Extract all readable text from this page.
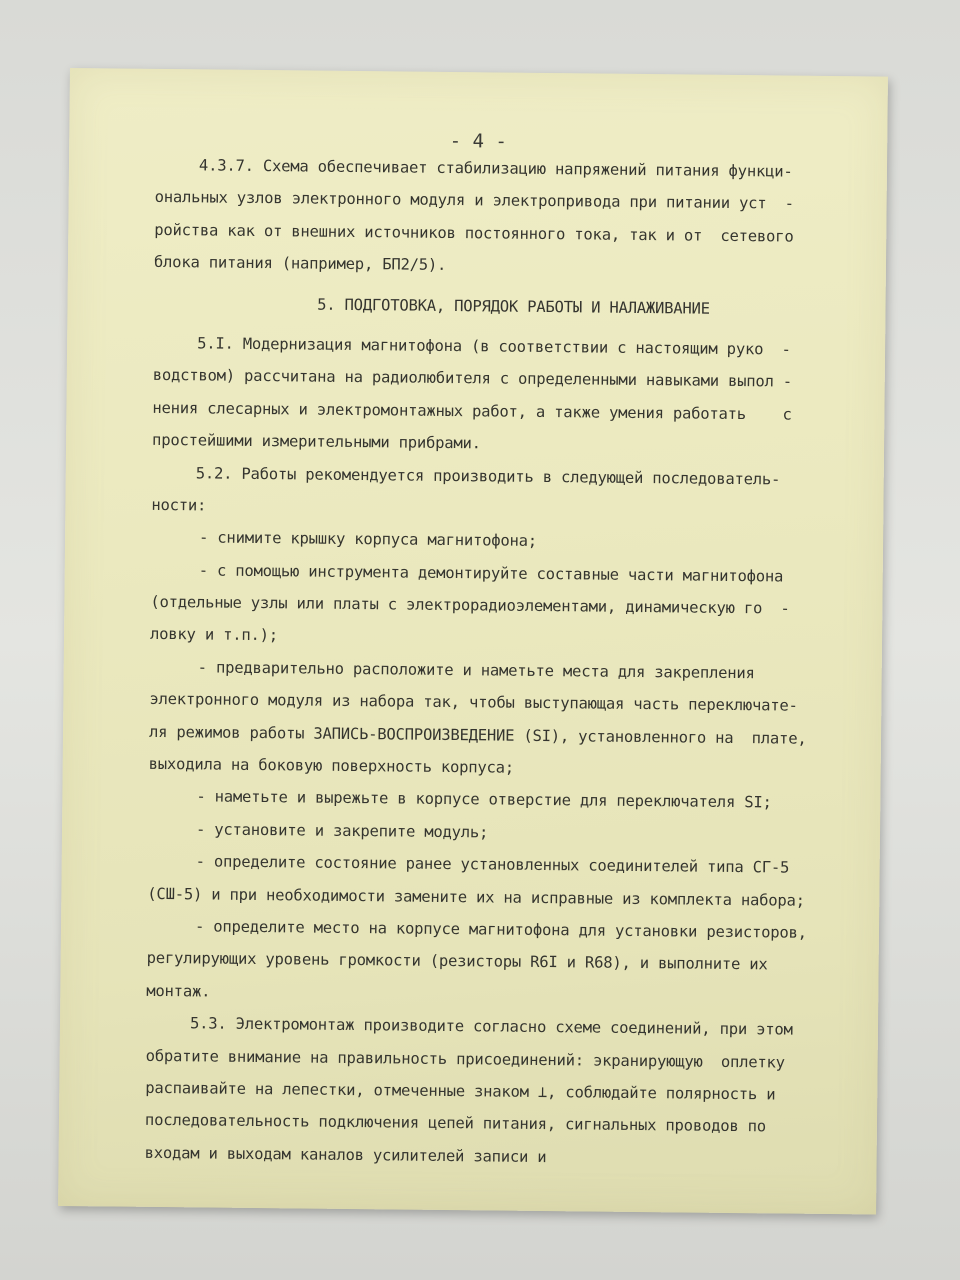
- 4 -
4.3.7. Схема обеспечивает стабилизацию напряжений питания функци-
ональных узлов электронного модуля и электропривода при питании уст  -
ройства как от внешних источников постоянного тока, так и от  сетевого
блока питания (например, БП2/5).
5. ПОДГОТОВКА, ПОРЯДОК РАБОТЫ И НАЛАЖИВАНИЕ
5.I. Модернизация магнитофона (в соответствии с настоящим руко  -
водством) рассчитана на радиолюбителя с определенными навыками выпол -
нения слесарных и электромонтажных работ, а также умения работать    с
простейшими измерительными прибрами.
5.2. Работы рекомендуется производить в следующей последователь-
ности:
- снимите крышку корпуса магнитофона;
- с помощью инструмента демонтируйте составные части магнитофона
(отдельные узлы или платы с электрорадиоэлементами, динамическую го  -
ловку и т.п.);
- предварительно расположите и наметьте места для закрепления
электронного модуля из набора так, чтобы выступающая часть переключате-
ля режимов работы ЗАПИСЬ-ВОСПРОИЗВЕДЕНИЕ (SI), установленного на  плате,
выходила на боковую поверхность корпуса;
- наметьте и вырежьте в корпусе отверстие для переключателя SI;
- установите и закрепите модуль;
- определите состояние ранее установленных соединителей типа СГ-5
(СШ-5) и при необходимости замените их на исправные из комплекта набора;
- определите место на корпусе магнитофона для установки резисторов,
регулирующих уровень громкости (резисторы R6I и R68), и выполните их
монтаж.
5.3. Электромонтаж производите согласно схеме соединений, при этом
обратите внимание на правильность присоединений: экранирующую  оплетку
распаивайте на лепестки, отмеченные знаком ⊥, соблюдайте полярность и
последовательность подключения цепей питания, сигнальных проводов по
входам и выходам каналов усилителей записи и
